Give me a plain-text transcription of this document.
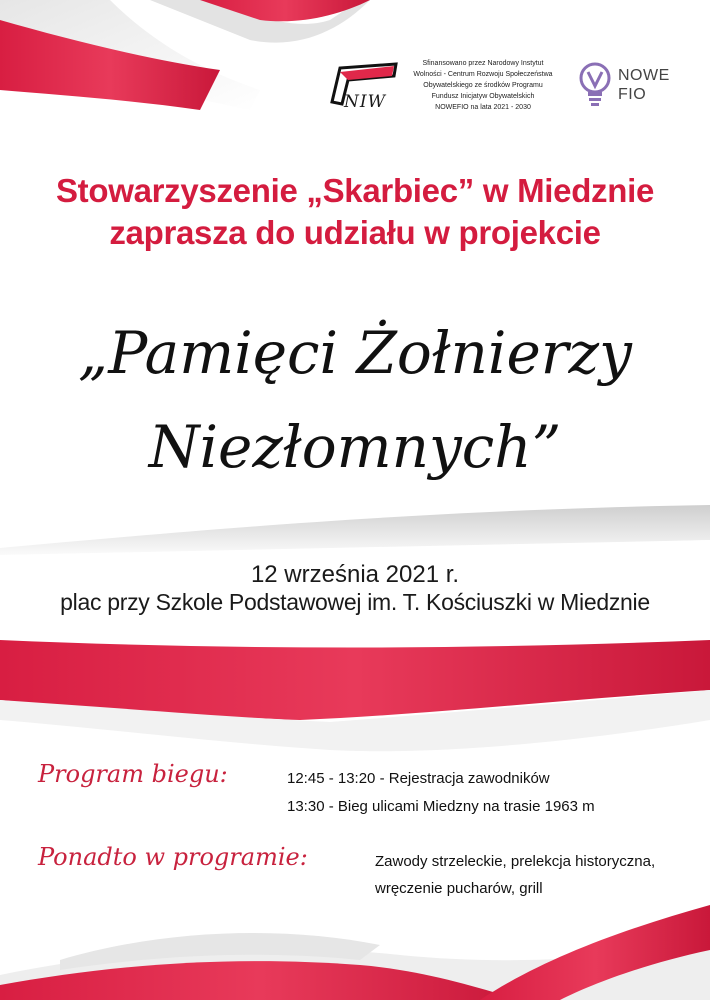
NIW
Sfinansowano przez Narodowy Instytut
Wolności - Centrum Rozwoju Społeczeństwa
Obywatelskiego ze środków Programu
Fundusz Inicjatyw Obywatelskich
NOWEFIO na lata 2021 - 2030
NOWE
FIO
Stowarzyszenie „Skarbiec” w Miedznie
zaprasza do udziału w projekcie
„Pamięci Żołnierzy
Niezłomnych”
12 września 2021 r.
plac przy Szkole Podstawowej im. T. Kościuszki w Miedznie
Program biegu:	12:45 - 13:20 - Rejestracja zawodników
13:30 - Bieg ulicami Miedzny na trasie 1963 m
Ponadto w programie:	Zawody strzeleckie, prelekcja historyczna,
wręczenie pucharów, grill
